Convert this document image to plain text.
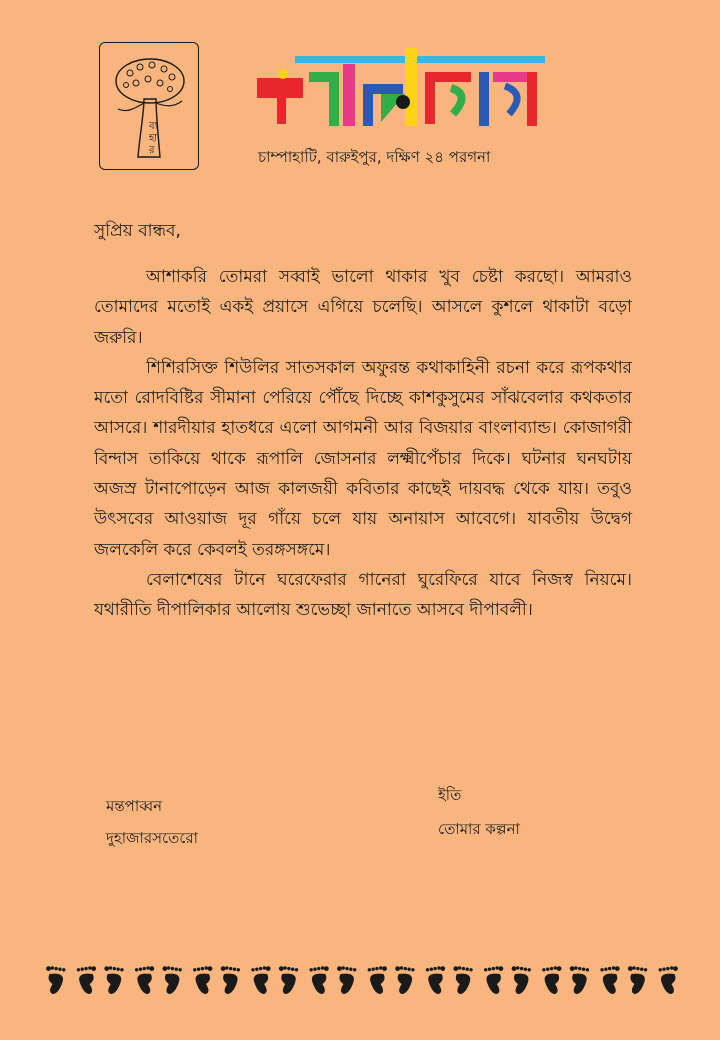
বা
হা
র	চাম্পাহাটি, বারুইপুর, দক্ষিণ ২৪ পরগনা
সুপ্রিয় বান্ধব,

আশাকরি তোমরা সব্বাই ভালো থাকার খুব চেষ্টা করছো। আমরাও তোমাদের মতোই একই প্রয়াসে এগিয়ে চলেছি। আসলে কুশলে থাকাটা বড়ো জরুরি।

শিশিরসিক্ত শিউলির সাতসকাল অফুরন্ত কথাকাহিনী রচনা করে রূপকথার মতো রোদবিষ্টির সীমানা পেরিয়ে পৌঁছে দিচ্ছে কাশকুসুমের সাঁঝবেলার কথকতার আসরে। শারদীয়ার হাতধরে এলো আগমনী আর বিজয়ার বাংলাব্যান্ড। কোজাগরী বিন্দাস তাকিয়ে থাকে রূপালি জোসনার লক্ষ্মীপেঁচার দিকে। ঘটনার ঘনঘটায় অজস্র টানাপোড়েন আজ কালজয়ী কবিতার কাছেই দায়বদ্ধ থেকে যায়। তবুও উৎসবের আওয়াজ দূর গাঁয়ে চলে যায় অনায়াস আবেগে। যাবতীয় উদ্বেগ জলকেলি করে কেবলই তরঙ্গসঙ্গমে।

বেলাশেষের টানে ঘরেফেরার গানেরা ঘুরেফিরে যাবে নিজস্ব নিয়মে। যথারীতি দীপালিকার আলোয় শুভেচ্ছা জানাতে আসবে দীপাবলী।

মন্তপাব্বন
দুহাজারসতেরো
ইতি
তোমার কল্পনা
